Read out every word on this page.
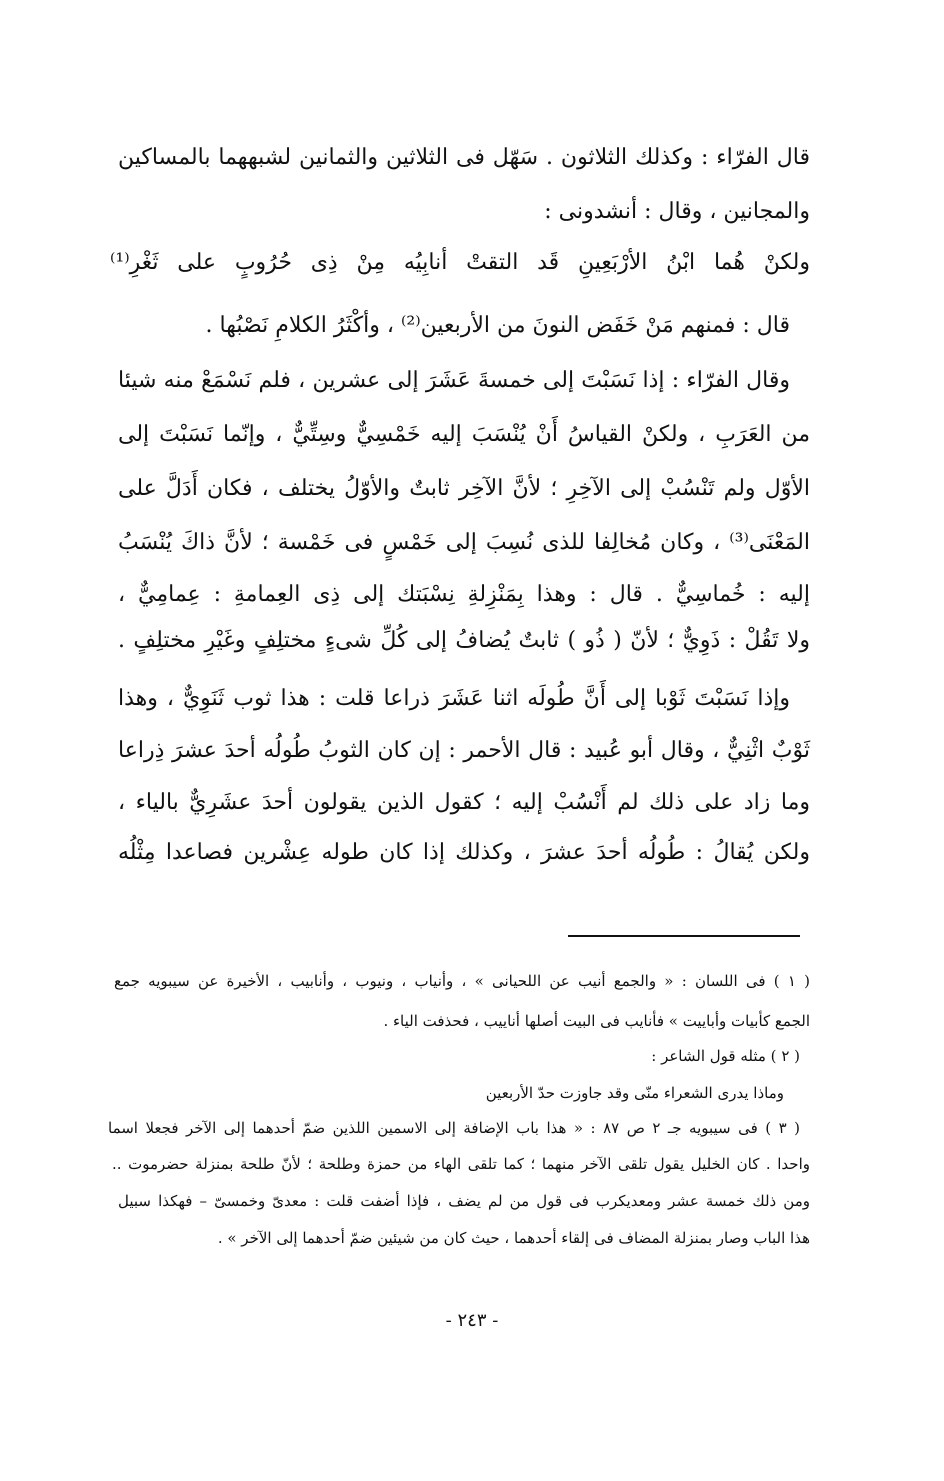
قال الفرّاء : وكذلك الثلاثون . سَهّل فى الثلاثين والثمانين لشبههما بالمساكين
والمجانين ، وقال : أنشدونى :
ولكنْ هُما ابْنُ الأرْبَعِينِ قَد التقتْ أنابِيُه مِنْ ذِى حُرُوبٍ على ثَغْرِ⁽¹⁾
قال : فمنهم مَنْ خَفَض النونَ من الأربعين⁽²⁾ ، وأكْثَرُ الكلامِ نَصْبُها .
وقال الفرّاء : إذا نَسَبْتَ إلى خمسةَ عَشَرَ إلى عشرين ، فلم نَسْمَعْ منه شيئا
من العَرَبِ ، ولكنْ القياسُ أَنْ يُنْسَبَ إليه خَمْسِيٌّ وسِتِّيٌّ ، وإنّما نَسَبْتَ إلى
الأوّل ولم تَنْسُبْ إلى الآخِرِ ؛ لأنَّ الآخِر ثابتٌ والأوّلُ يختلف ، فكان أَدَلَّ على
المَعْنَى⁽³⁾ ، وكان مُخالِفا للذى نُسِبَ إلى خَمْسٍ فى خَمْسة ؛ لأنَّ ذاكَ يُنْسَبُ
إليه : خُماسِيٌّ . قال : وهذا بِمَنْزِلةِ نِسْبَتك إلى ذِى العِمامةِ : عِمامِيٌّ ،
ولا تَقُلْ : ذَوِيٌّ ؛ لأنّ ( ذُو ) ثابتٌ يُضافُ إلى كُلِّ شىءٍ مختلِفٍ وغَيْرِ مختلِفٍ .
وإذا نَسَبْتَ ثَوْبا إلى أَنَّ طُولَه اثنا عَشَرَ ذراعا قلت : هذا ثوب ثَنَوِيٌّ ، وهذا
ثَوْبٌ اثْنِيٌّ ، وقال أبو عُبيد : قال الأحمر : إن كان الثوبُ طُولُه أحدَ عشرَ ذِراعا
وما زاد على ذلك لم أَنْسُبْ إليه ؛ كقول الذين يقولون أحدَ عشَرِيٌّ بالياء ،
ولكن يُقالُ : طُولُه أحدَ عشرَ ، وكذلك إذا كان طوله عِشْرين فصاعدا مِثْلُه
( ١ ) فى اللسان : « والجمع أنيب عن اللحيانى » ، وأنياب ، ونيوب ، وأنابيب ، الأخيرة عن سيبويه جمع
الجمع كأبيات وأباييت » فأنايب فى البيت أصلها أناييب ، فحذفت الياء .
( ٢ ) مثله قول الشاعر :
وماذا يدرى الشعراء منّى وقد جاوزت حدّ الأربعين
( ٣ ) فى سيبويه جـ ٢ ص ٨٧ : « هذا باب الإضافة إلى الاسمين اللذين ضمّ أحدهما إلى الآخر فجعلا اسما
واحدا . كان الخليل يقول تلقى الآخر منهما ؛ كما تلقى الهاء من حمزة وطلحة ؛ لأنّ طلحة بمنزلة حضرموت ..
ومن ذلك خمسة عشر ومعديكرب فى قول من لم يضف ، فإذا أضفت قلت : معدىّ وخمسىّ – فهكذا سبيل
هذا الباب وصار بمنزلة المضاف فى إلقاء أحدهما ، حيث كان من شيئين ضمّ أحدهما إلى الآخر » .
- ٢٤٣ -
